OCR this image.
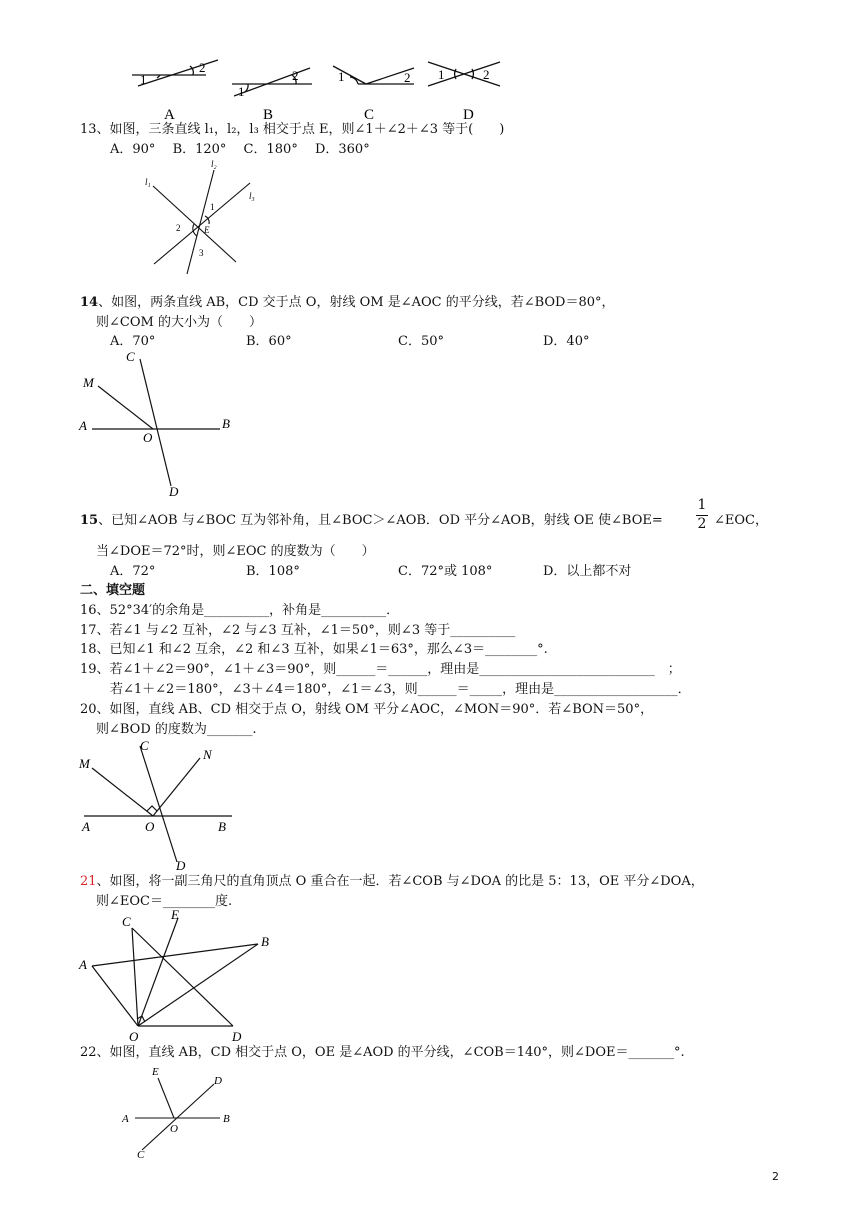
1
2
A
1
2
B
1	2
C
1	2
D
13、如图，三条直线 l₁，l₂，l₃ 相交于点 E，则∠1＋∠2＋∠3 等于(　　)
A．90°　 B．120°　 C．180°　 D．360°
l₁
l₂
l₃
1
2
3
E
14、如图，两条直线 AB，CD 交于点 O，射线 OM 是∠AOC 的平分线，若∠BOD＝80°，
则∠COM 的大小为（　　）
A．70°	B．60°	C．50°	D．40°
C
M
A	B
O
D
15、已知∠AOB 与∠BOC 互为邻补角，且∠BOC＞∠AOB．OD 平分∠AOB，射线 OE 使∠BOE= $\frac{1}{2}$ ∠EOC，
当∠DOE＝72°时，则∠EOC 的度数为（　　）
A．72°	B．108°	C．72°或 108°	D．以上都不对
二、填空题
16、52°34′的余角是__________，补角是__________．
17、若∠1 与∠2 互补，∠2 与∠3 互补，∠1＝50°，则∠3 等于__________
18、已知∠1 和∠2 互余，∠2 和∠3 互补，如果∠1＝63°，那么∠3＝________°.
19、若∠1＋∠2＝90°，∠1＋∠3＝90°，则______＝______，理由是___________________________　；
若∠1＋∠2＝180°，∠3＋∠4＝180°，∠1＝∠3，则______＝_____，理由是___________________．
20、如图，直线 AB、CD 相交于点 O，射线 OM 平分∠AOC，∠MON＝90°．若∠BON＝50°，
则∠BOD 的度数为_______.
C
M
N
A	O	B
D
21、如图，将一副三角尺的直角顶点 O 重合在一起．若∠COB 与∠DOA 的比是 5：13，OE 平分∠DOA，
则∠EOC＝________度.
C	E
B
A
O	D
22、如图，直线 AB，CD 相交于点 O，OE 是∠AOD 的平分线，∠COB＝140°，则∠DOE＝_______°.
E
D
A	B
O
C
2
